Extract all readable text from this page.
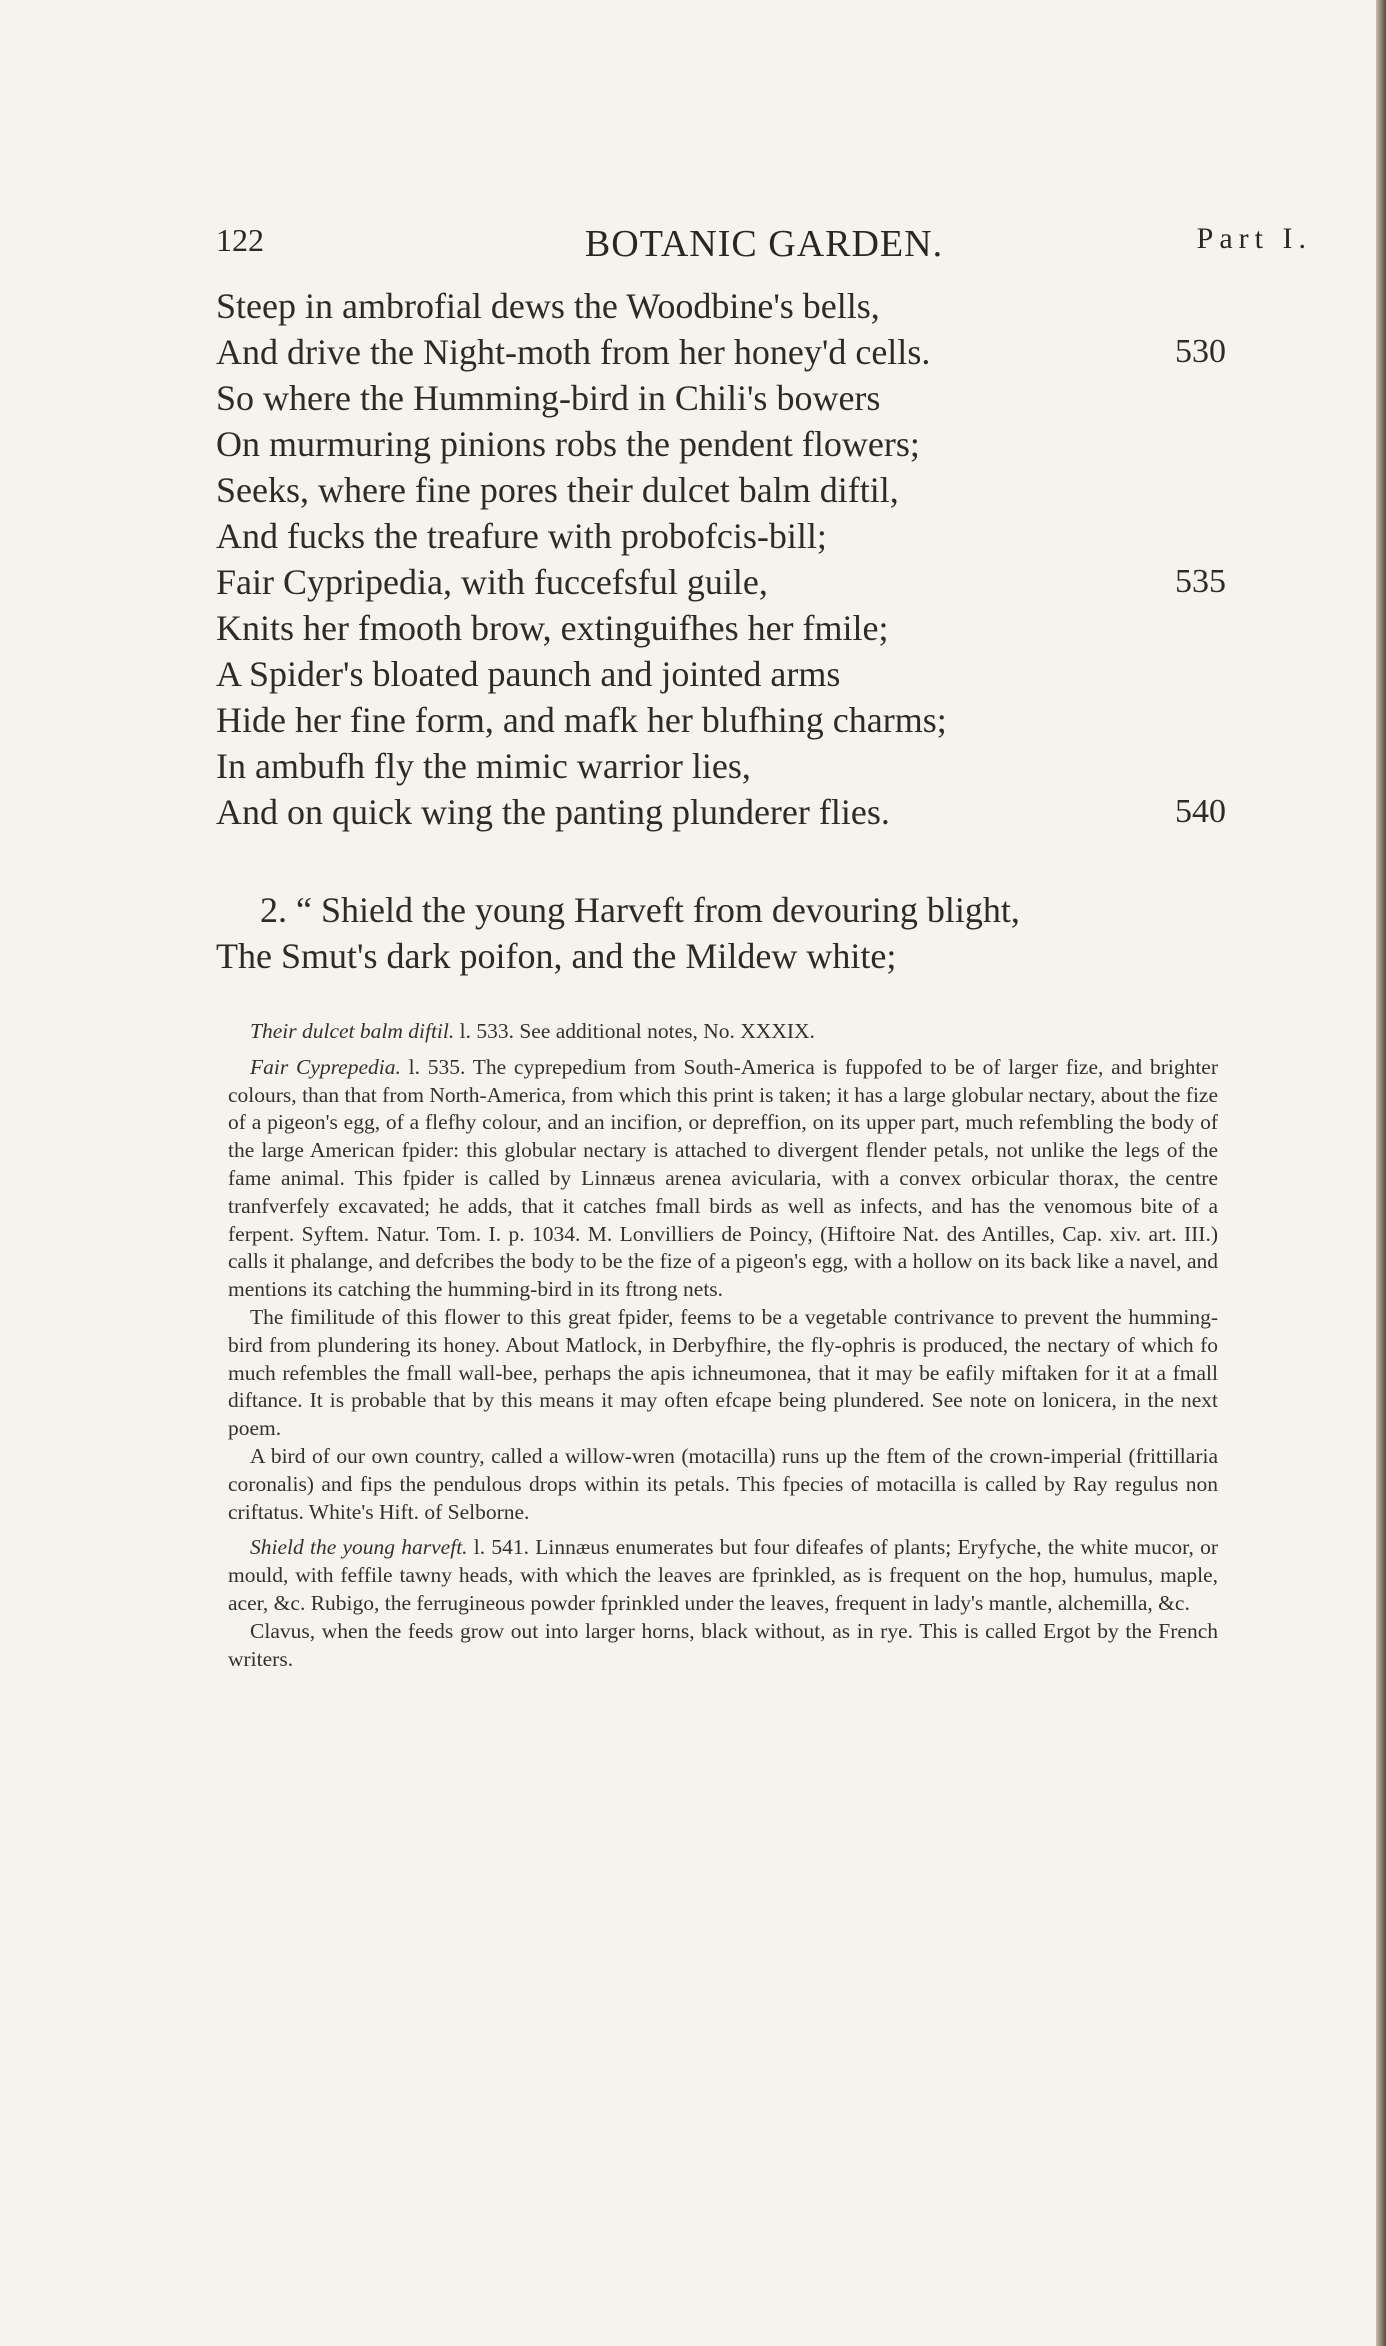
122	BOTANIC GARDEN.	Part I.
Steep in ambrofial dews the Woodbine's bells,
And drive the Night-moth from her honey'd cells.	530
So where the Humming-bird in Chili's bowers
On murmuring pinions robs the pendent flowers;
Seeks, where fine pores their dulcet balm diftil,
And fucks the treafure with probofcis-bill;
Fair Cypripedia, with fuccefsful guile,	535
Knits her fmooth brow, extinguifhes her fmile;
A Spider's bloated paunch and jointed arms
Hide her fine form, and mafk her blufhing charms;
In ambufh fly the mimic warrior lies,
And on quick wing the panting plunderer flies.	540
2. “ Shield the young Harveft from devouring blight,
The Smut's dark poifon, and the Mildew white;

Their dulcet balm diftil. l. 533. See additional notes, No. XXXIX.

Fair Cyprepedia. l. 535. The cyprepedium from South-America is fuppofed to be of larger fize, and brighter colours, than that from North-America, from which this print is taken; it has a large globular nectary, about the fize of a pigeon's egg, of a flefhy colour, and an incifion, or depreffion, on its upper part, much refembling the body of the large American fpider: this globular nectary is attached to divergent flender petals, not unlike the legs of the fame animal. This fpider is called by Linnæus arenea avicularia, with a convex orbicular thorax, the centre tranfverfely excavated; he adds, that it catches fmall birds as well as infects, and has the venomous bite of a ferpent. Syftem. Natur. Tom. I. p. 1034. M. Lonvilliers de Poincy, (Hiftoire Nat. des Antilles, Cap. xiv. art. III.) calls it phalange, and defcribes the body to be the fize of a pigeon's egg, with a hollow on its back like a navel, and mentions its catching the humming-bird in its ftrong nets.

The fimilitude of this flower to this great fpider, feems to be a vegetable contrivance to prevent the humming-bird from plundering its honey. About Matlock, in Derbyfhire, the fly-ophris is produced, the nectary of which fo much refembles the fmall wall-bee, perhaps the apis ichneumonea, that it may be eafily miftaken for it at a fmall diftance. It is probable that by this means it may often efcape being plundered. See note on lonicera, in the next poem.

A bird of our own country, called a willow-wren (motacilla) runs up the ftem of the crown-imperial (frittillaria coronalis) and fips the pendulous drops within its petals. This fpecies of motacilla is called by Ray regulus non criftatus. White's Hift. of Selborne.

Shield the young harveft. l. 541. Linnæus enumerates but four difeafes of plants; Eryfyche, the white mucor, or mould, with feffile tawny heads, with which the leaves are fprinkled, as is frequent on the hop, humulus, maple, acer, &c. Rubigo, the ferrugineous powder fprinkled under the leaves, frequent in lady's mantle, alchemilla, &c.

Clavus, when the feeds grow out into larger horns, black without, as in rye. This is called Ergot by the French writers.
